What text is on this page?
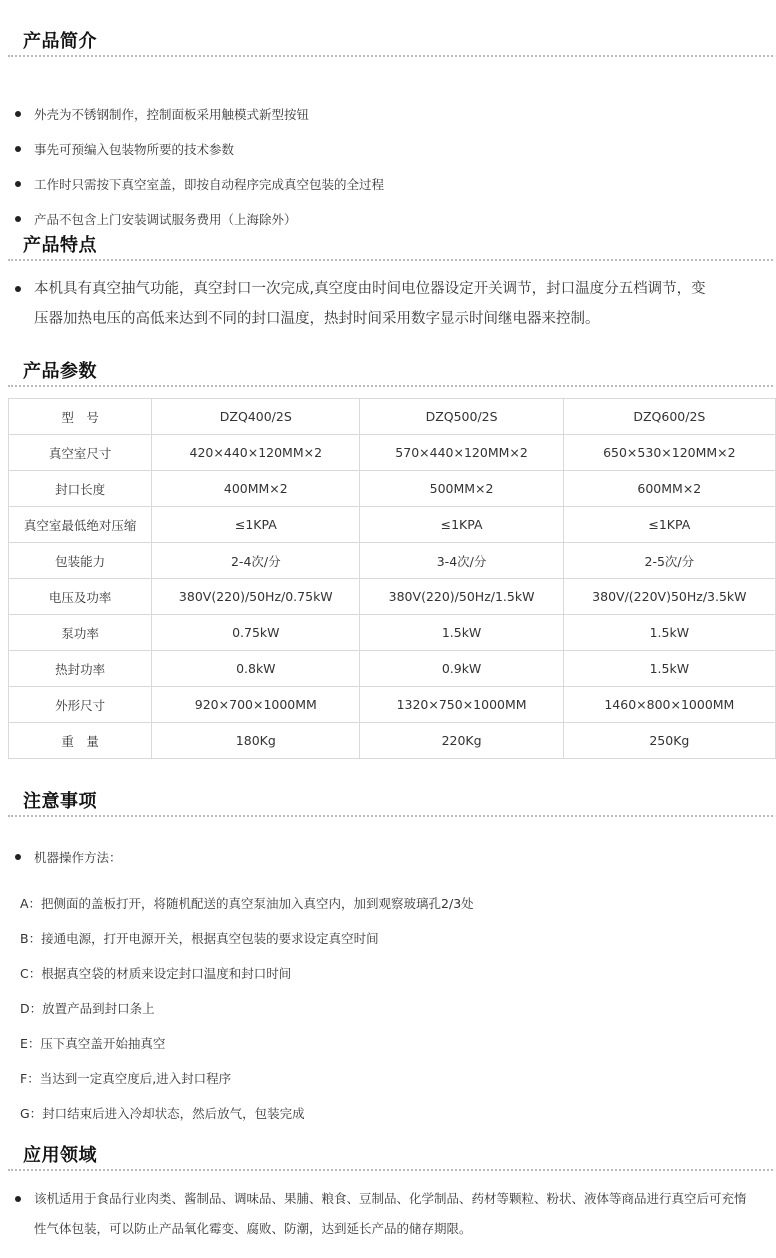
产品简介
外壳为不锈钢制作，控制面板采用触模式新型按钮
事先可预编入包装物所要的技术参数
工作时只需按下真空室盖，即按自动程序完成真空包装的全过程
产品不包含上门安装调试服务费用（上海除外）
产品特点
本机具有真空抽气功能，真空封口一次完成,真空度由时间电位器设定开关调节，封口温度分五档调节，变
压器加热电压的高低来达到不同的封口温度，热封时间采用数字显示时间继电器来控制。
产品参数
型　号	DZQ400/2S	DZQ500/2S	DZQ600/2S
真空室尺寸	420×440×120MM×2	570×440×120MM×2	650×530×120MM×2
封口长度	400MM×2	500MM×2	600MM×2
真空室最低绝对压缩	≤1KPA	≤1KPA	≤1KPA
包装能力	2-4次/分	3-4次/分	2-5次/分
电压及功率	380V(220)/50Hz/0.75kW	380V(220)/50Hz/1.5kW	380V/(220V)50Hz/3.5kW
泵功率	0.75kW	1.5kW	1.5kW
热封功率	0.8kW	0.9kW	1.5kW
外形尺寸	920×700×1000MM	1320×750×1000MM	1460×800×1000MM
重　量	180Kg	220Kg	250Kg
注意事项
机器操作方法：
A：把侧面的盖板打开，将随机配送的真空泵油加入真空内，加到观察玻璃孔2/3处
B：接通电源，打开电源开关，根据真空包装的要求设定真空时间
C：根据真空袋的材质来设定封口温度和封口时间
D：放置产品到封口条上
E：压下真空盖开始抽真空
F：当达到一定真空度后,进入封口程序
G：封口结束后进入冷却状态，然后放气，包装完成
应用领域
该机适用于食品行业肉类、酱制品、调味品、果脯、粮食、豆制品、化学制品、药材等颗粒、粉状、液体等商品进行真空后可充惰
性气体包装，可以防止产品氧化霉变、腐败、防潮，达到延长产品的储存期限。
